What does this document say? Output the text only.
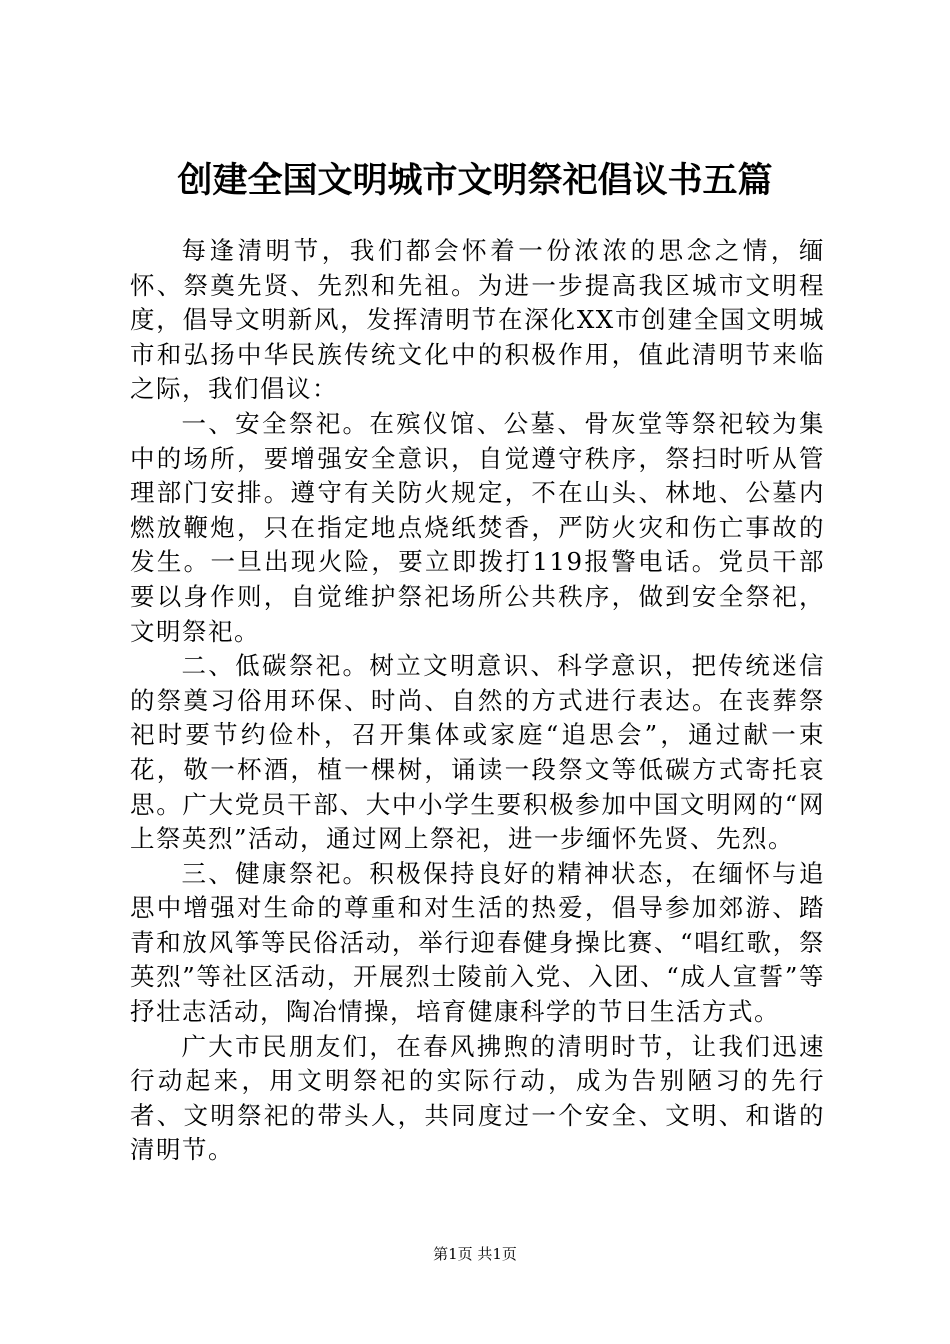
创建全国文明城市文明祭祀倡议书五篇

每逢清明节，我们都会怀着一份浓浓的思念之情，缅怀、祭奠先贤、先烈和先祖。为进一步提高我区城市文明程度，倡导文明新风，发挥清明节在深化XX市创建全国文明城市和弘扬中华民族传统文化中的积极作用，值此清明节来临之际，我们倡议：

一、安全祭祀。在殡仪馆、公墓、骨灰堂等祭祀较为集中的场所，要增强安全意识，自觉遵守秩序，祭扫时听从管理部门安排。遵守有关防火规定，不在山头、林地、公墓内燃放鞭炮，只在指定地点烧纸焚香，严防火灾和伤亡事故的发生。一旦出现火险，要立即拨打119报警电话。党员干部要以身作则，自觉维护祭祀场所公共秩序，做到安全祭祀，文明祭祀。

二、低碳祭祀。树立文明意识、科学意识，把传统迷信的祭奠习俗用环保、时尚、自然的方式进行表达。在丧葬祭祀时要节约俭朴，召开集体或家庭“追思会”，通过献一束花，敬一杯酒，植一棵树，诵读一段祭文等低碳方式寄托哀思。广大党员干部、大中小学生要积极参加中国文明网的“网上祭英烈”活动，通过网上祭祀，进一步缅怀先贤、先烈。

三、健康祭祀。积极保持良好的精神状态，在缅怀与追思中增强对生命的尊重和对生活的热爱，倡导参加郊游、踏青和放风筝等民俗活动，举行迎春健身操比赛、“唱红歌，祭英烈”等社区活动，开展烈士陵前入党、入团、“成人宣誓”等抒壮志活动，陶冶情操，培育健康科学的节日生活方式。

广大市民朋友们，在春风拂煦的清明时节，让我们迅速行动起来，用文明祭祀的实际行动，成为告别陋习的先行者、文明祭祀的带头人，共同度过一个安全、文明、和谐的清明节。

第1页 共1页
